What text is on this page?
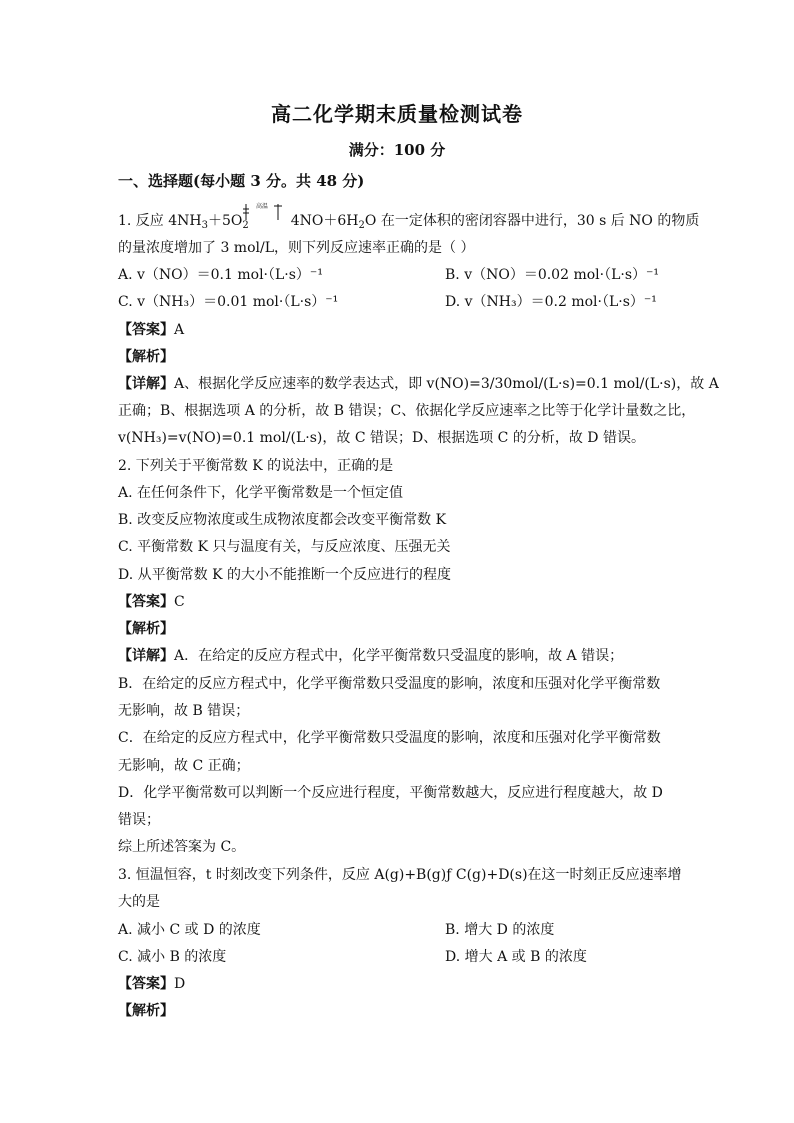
高二化学期末质量检测试卷
满分：100 分
一、选择题(每小题 3 分。共 48 分)
1. 反应 $4NH_3+5O_2$	$4NO+6H_2O$ 在一定体积的密闭容器中进行，30 s 后 NO 的物质
高温
的量浓度增加了 3 mol/L，则下列反应速率正确的是（ ）
A. v（NO）＝0.1 mol·（L·s）⁻¹	B. v（NO）＝0.02 mol·（L·s）⁻¹
C. v（NH₃）＝0.01 mol·（L·s）⁻¹	D. v（NH₃）＝0.2 mol·（L·s）⁻¹
【答案】A
【解析】
【详解】A、根据化学反应速率的数学表达式，即 v(NO)=3/30mol/(L·s)=0.1 mol/(L·s)，故 A
正确；B、根据选项 A 的分析，故 B 错误；C、依据化学反应速率之比等于化学计量数之比，
v(NH₃)=v(NO)=0.1 mol/(L·s)，故 C 错误；D、根据选项 C 的分析，故 D 错误。
2. 下列关于平衡常数 K 的说法中，正确的是
A. 在任何条件下，化学平衡常数是一个恒定值
B. 改变反应物浓度或生成物浓度都会改变平衡常数 K
C. 平衡常数 K 只与温度有关，与反应浓度、压强无关
D. 从平衡常数 K 的大小不能推断一个反应进行的程度
【答案】C
【解析】
【详解】A．在给定的反应方程式中，化学平衡常数只受温度的影响，故 A 错误；
B．在给定的反应方程式中，化学平衡常数只受温度的影响，浓度和压强对化学平衡常数
无影响，故 B 错误；
C．在给定的反应方程式中，化学平衡常数只受温度的影响，浓度和压强对化学平衡常数
无影响，故 C 正确；
D．化学平衡常数可以判断一个反应进行程度，平衡常数越大，反应进行程度越大，故 D
错误；
综上所述答案为 C。
3. 恒温恒容，t 时刻改变下列条件，反应 A(g)+B(g)ƒ C(g)+D(s)在这一时刻正反应速率增
大的是
A. 减小 C 或 D 的浓度	B. 增大 D 的浓度
C. 减小 B 的浓度	D. 增大 A 或 B 的浓度
【答案】D
【解析】
